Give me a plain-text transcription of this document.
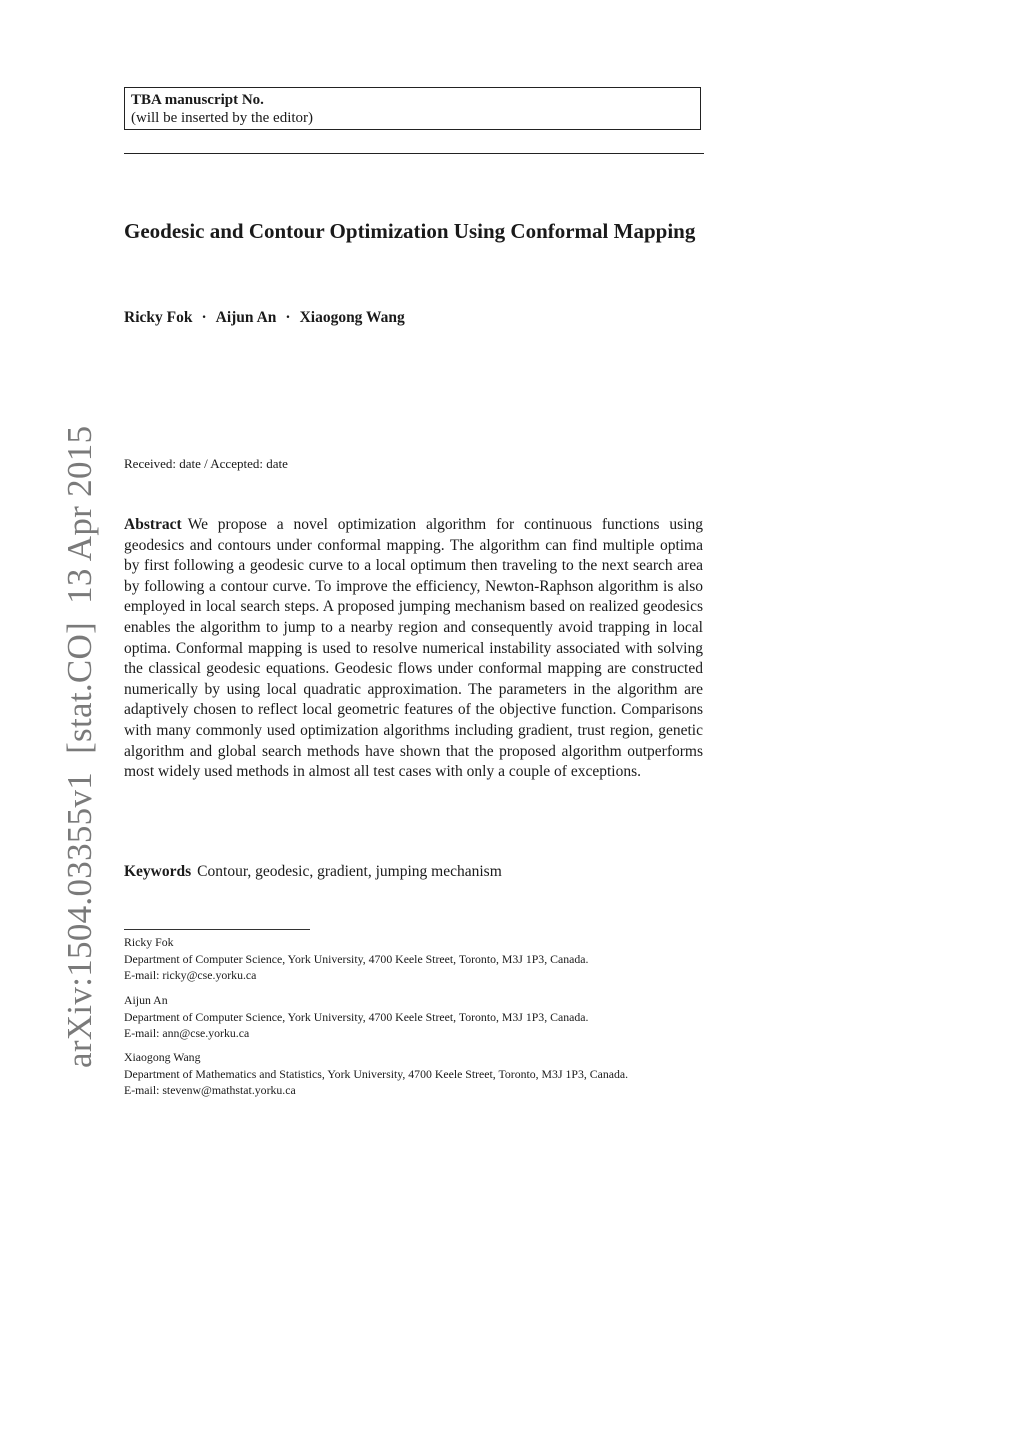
TBA manuscript No.
(will be inserted by the editor)
Geodesic and Contour Optimization Using Conformal Mapping
Ricky Fok · Aijun An · Xiaogong Wang
Received: date / Accepted: date

Abstract We propose a novel optimization algorithm for continuous functions using geodesics and contours under conformal mapping. The algorithm can find multiple optima by first following a geodesic curve to a local optimum then traveling to the next search area by following a contour curve. To improve the efficiency, Newton-Raphson algorithm is also employed in local search steps. A proposed jumping mechanism based on realized geodesics enables the algorithm to jump to a nearby region and consequently avoid trapping in local optima. Conformal mapping is used to resolve numerical instability associated with solving the classical geodesic equations. Geodesic flows under conformal mapping are constructed numerically by using local quadratic approximation. The parameters in the algorithm are adaptively chosen to reflect local geometric features of the objective function. Comparisons with many commonly used optimization algorithms including gradient, trust region, genetic algorithm and global search methods have shown that the proposed algorithm outperforms most widely used methods in almost all test cases with only a couple of exceptions.

Keywords Contour, geodesic, gradient, jumping mechanism
Ricky Fok
Department of Computer Science, York University, 4700 Keele Street, Toronto, M3J 1P3, Canada.
E-mail: ricky@cse.yorku.ca
Aijun An
Department of Computer Science, York University, 4700 Keele Street, Toronto, M3J 1P3, Canada.
E-mail: ann@cse.yorku.ca
Xiaogong Wang
Department of Mathematics and Statistics, York University, 4700 Keele Street, Toronto, M3J 1P3, Canada.
E-mail: stevenw@mathstat.yorku.ca
arXiv:1504.03355v1[stat.CO]13 Apr 2015
